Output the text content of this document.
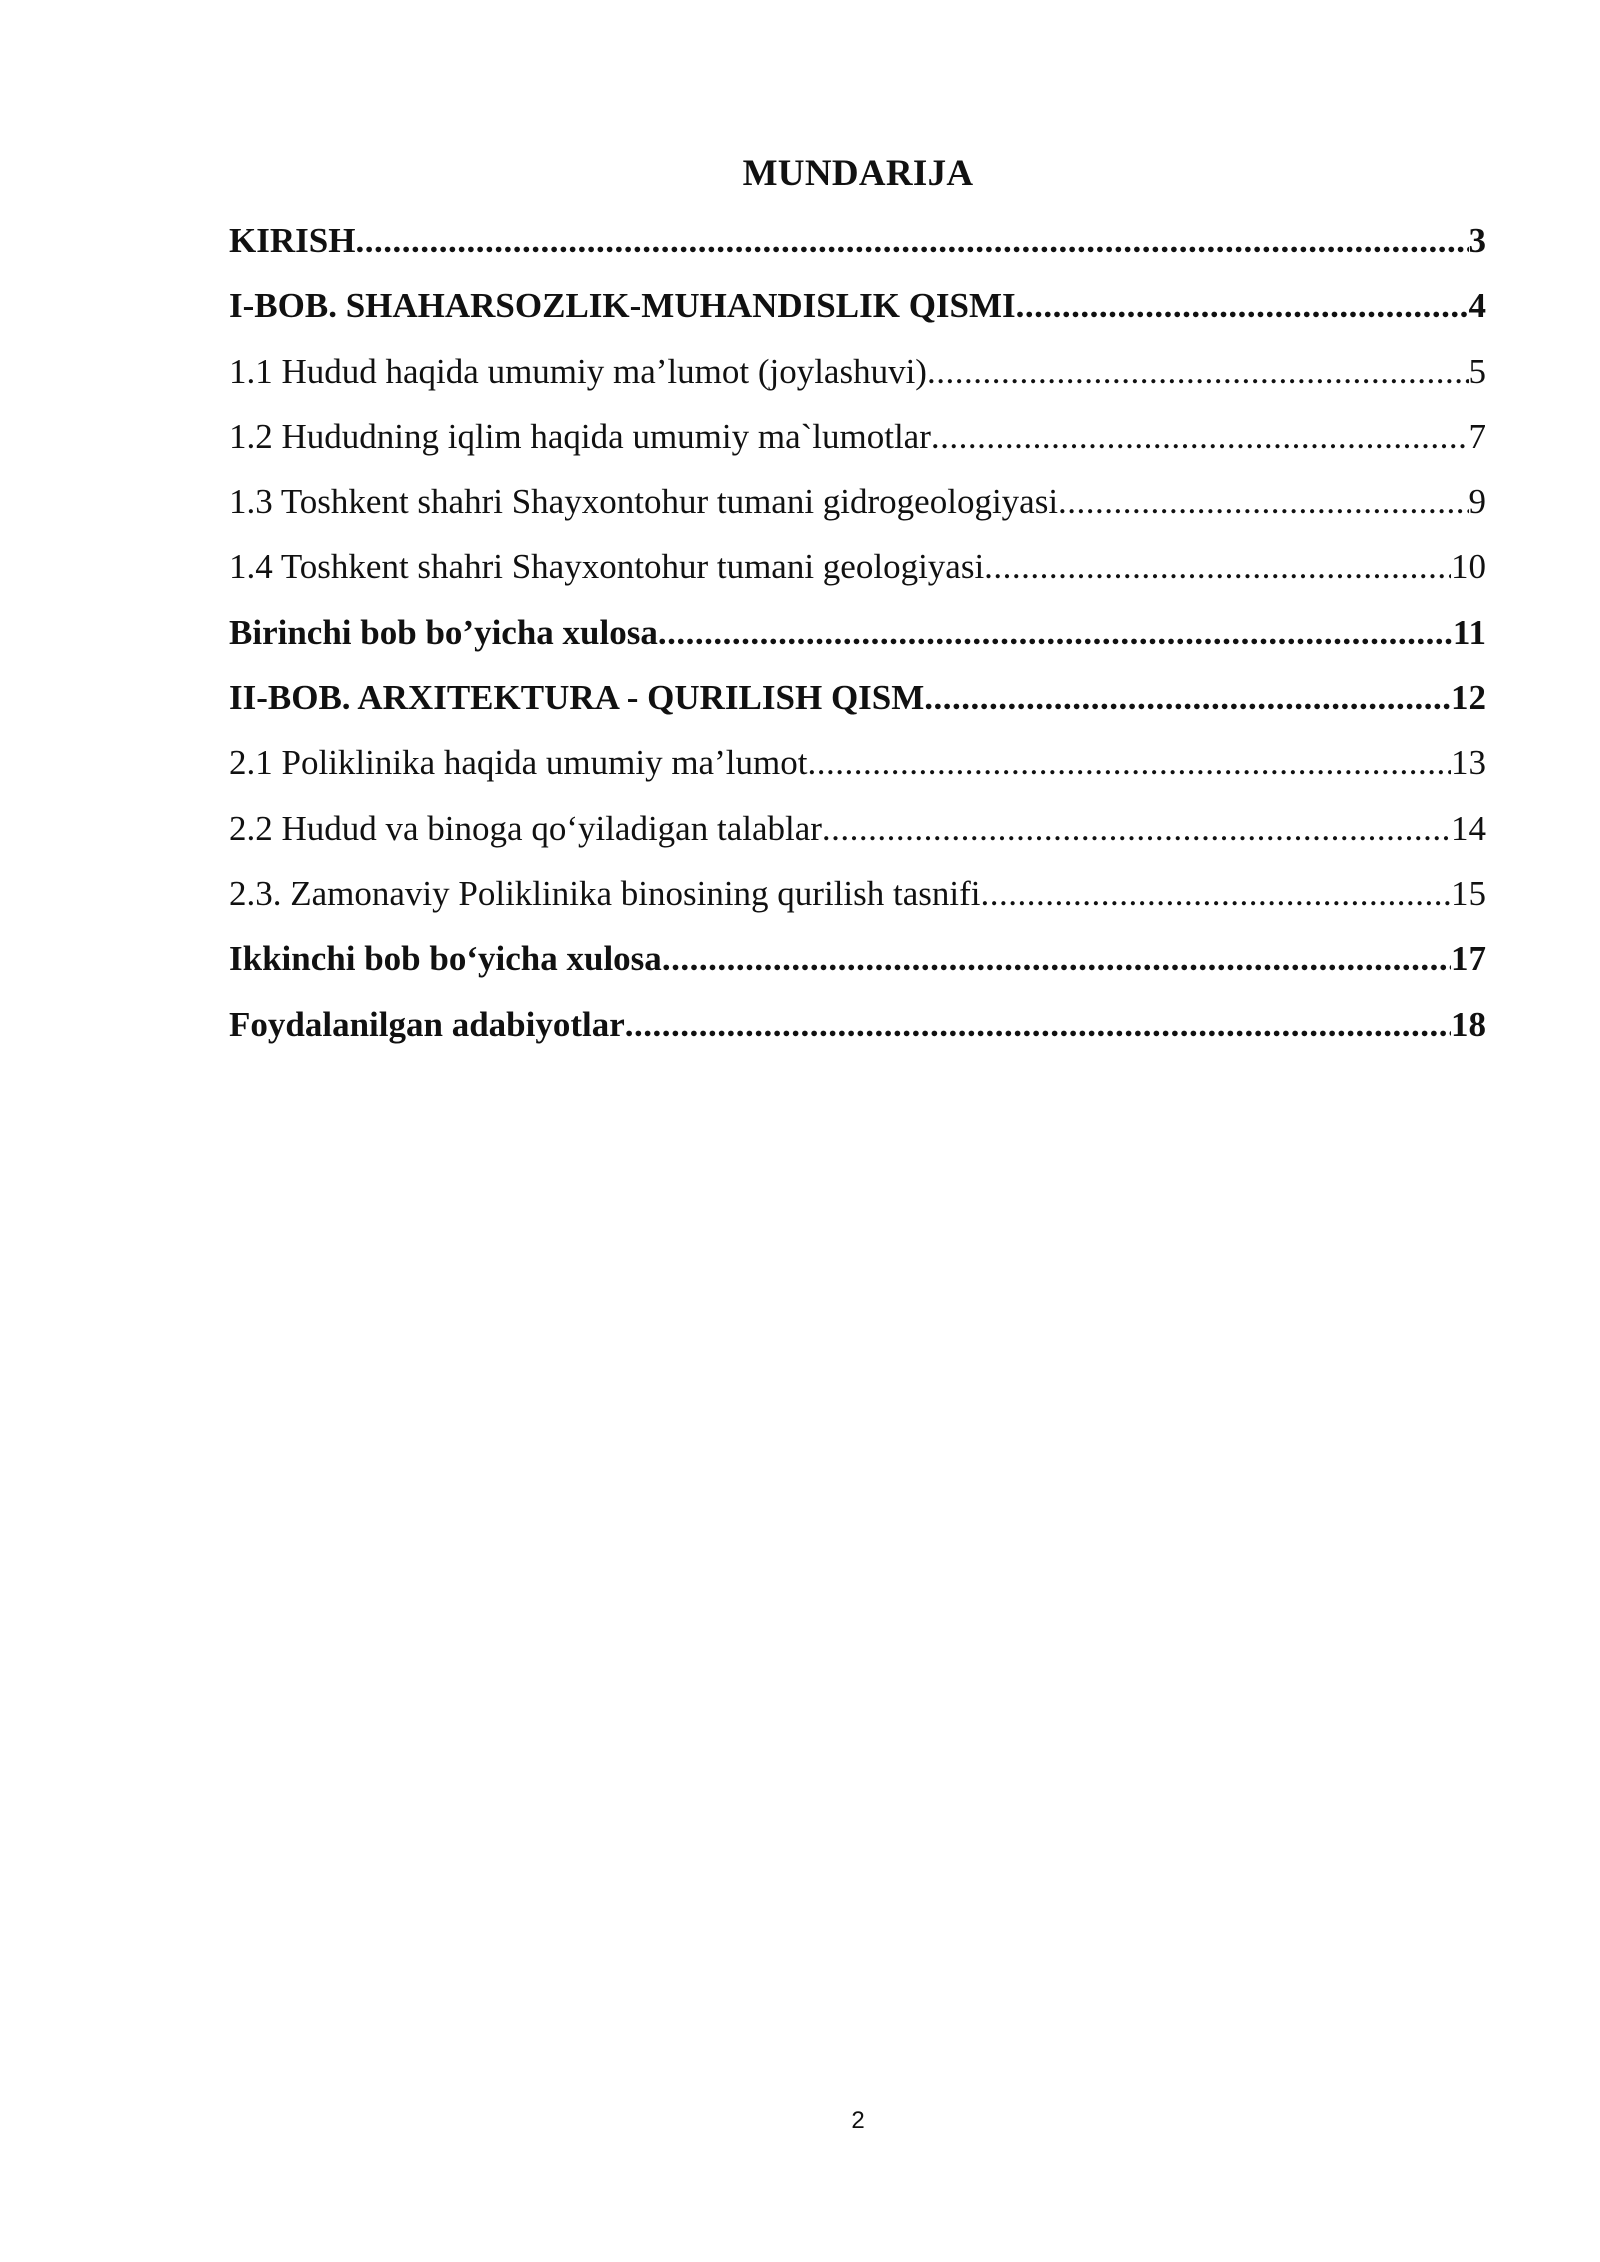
MUNDARIJA
KIRISH .....	3
I-BOB. SHAHARSOZLIK-MUHANDISLIK QISMI .....	4
1.1 Hudud haqida umumiy ma’lumot (joylashuvi) .....	5
1.2 Hududning iqlim haqida umumiy ma`lumotlar .....	7
1.3 Toshkent shahri Shayxontohur tumani gidrogeologiyasi .....	9
1.4 Toshkent shahri Shayxontohur tumani geologiyasi .....	10
Birinchi bob bo’yicha xulosa .....	11
II-BOB. ARXITEKTURA - QURILISH QISM .....	12
2.1 Poliklinika haqida umumiy ma’lumot .....	13
2.2 Hudud va binoga qo‘yiladigan talablar .....	14
2.3. Zamonaviy Poliklinika binosining qurilish tasnifi .....	15
Ikkinchi bob bo‘yicha xulosa .....	17
Foydalanilgan adabiyotlar .....	18
2
